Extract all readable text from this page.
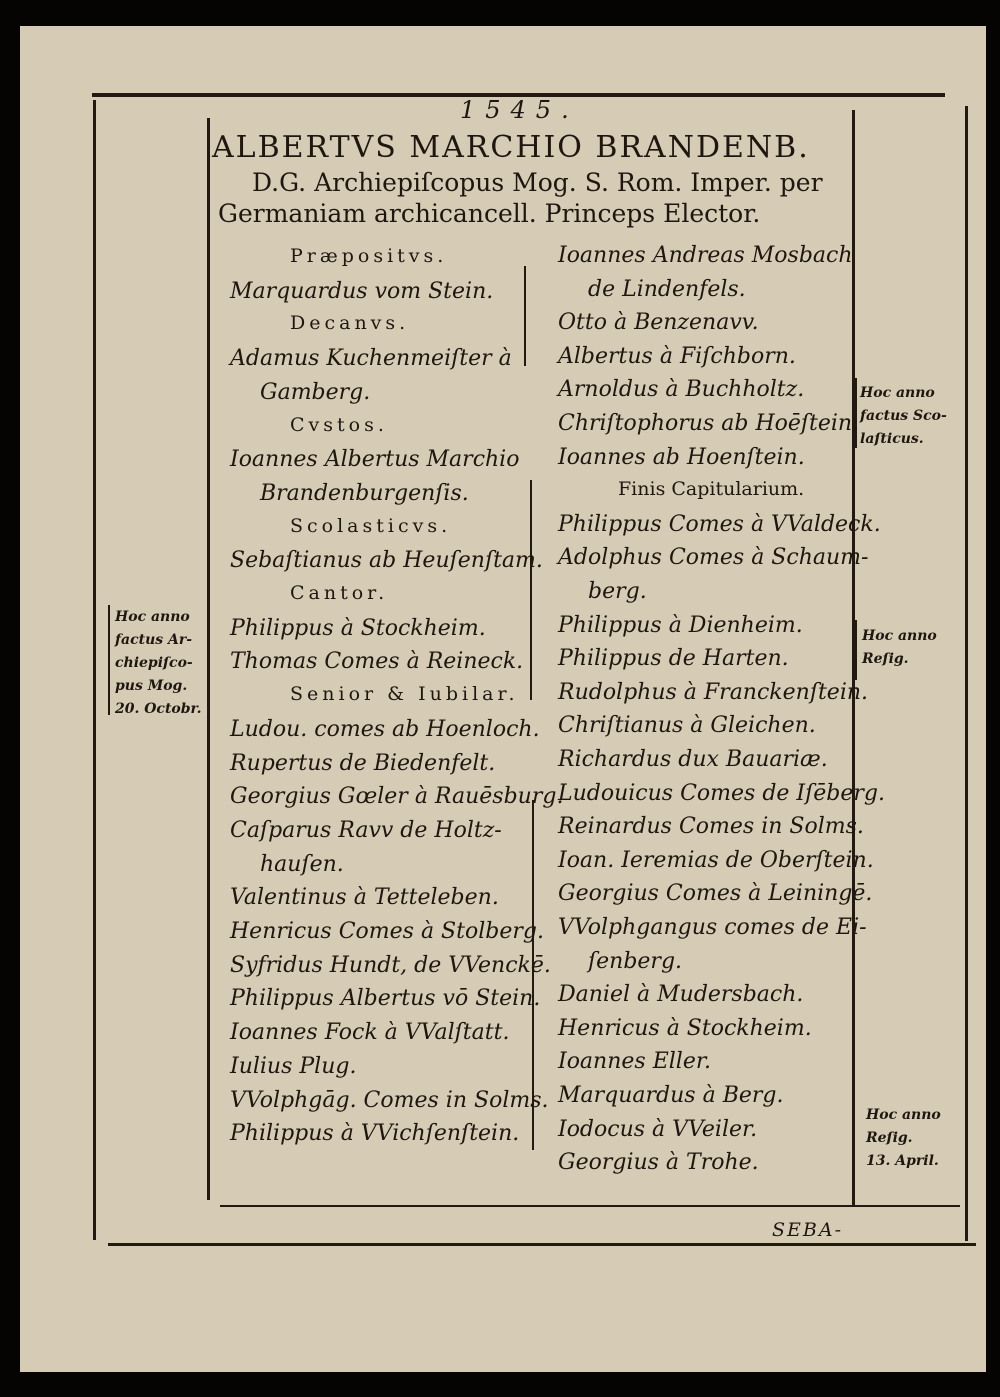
1545.
ALBERTVS MARCHIO BRANDENB.
D.G. Archiepiſcopus Mog. S. Rom. Imper. per
Germaniam archicancell. Princeps Elector.
Præpositvs.
Marquardus vom Stein.
Decanvs.
Adamus Kuchenmeiſter à
Gamberg.
Cvstos.
Ioannes Albertus Marchio
Brandenburgenſis.
Scolasticvs.
Sebaſtianus ab Heuſenſtam.
Cantor.
Philippus à Stockheim.
Thomas Comes à Reineck.
Senior & Iubilar.
Ludou. comes ab Hoenloch.
Rupertus de Biedenfelt.
Georgius Gœler à Rauēsburg.
Caſparus Ravv de Holtz-
hauſen.
Valentinus à Tetteleben.
Henricus Comes à Stolberg.
Syfridus Hundt, de VVenckē.
Philippus Albertus vō Stein.
Ioannes Fock à VValſtatt.
Iulius Plug.
VVolphgāg. Comes in Solms.
Philippus à VVichſenſtein.
Ioannes Andreas Mosbach
de Lindenfels.
Otto à Benzenavv.
Albertus à Fiſchborn.
Arnoldus à Buchholtz.
Chriſtophorus ab Hoēſtein.
Ioannes ab Hoenſtein.
Finis Capitularium.
Philippus Comes à VValdeck.
Adolphus Comes à Schaum-
berg.
Philippus à Dienheim.
Philippus de Harten.
Rudolphus à Franckenſtein.
Chriſtianus à Gleichen.
Richardus dux Bauariæ.
Ludouicus Comes de Iſēberg.
Reinardus Comes in Solms.
Ioan. Ieremias de Oberſtein.
Georgius Comes à Leiningē.
VVolphgangus comes de Ei-
ſenberg.
Daniel à Mudersbach.
Henricus à Stockheim.
Ioannes Eller.
Marquardus à Berg.
Iodocus à VVeiler.
Georgius à Trohe.
Hoc anno
factus Ar-
chiepiſco-
pus Mog.
20. Octobr.
Hoc anno
factus Sco-
laſticus.
Hoc anno
Reſig.
Hoc anno
Reſig.
13. April.
SEBA-
